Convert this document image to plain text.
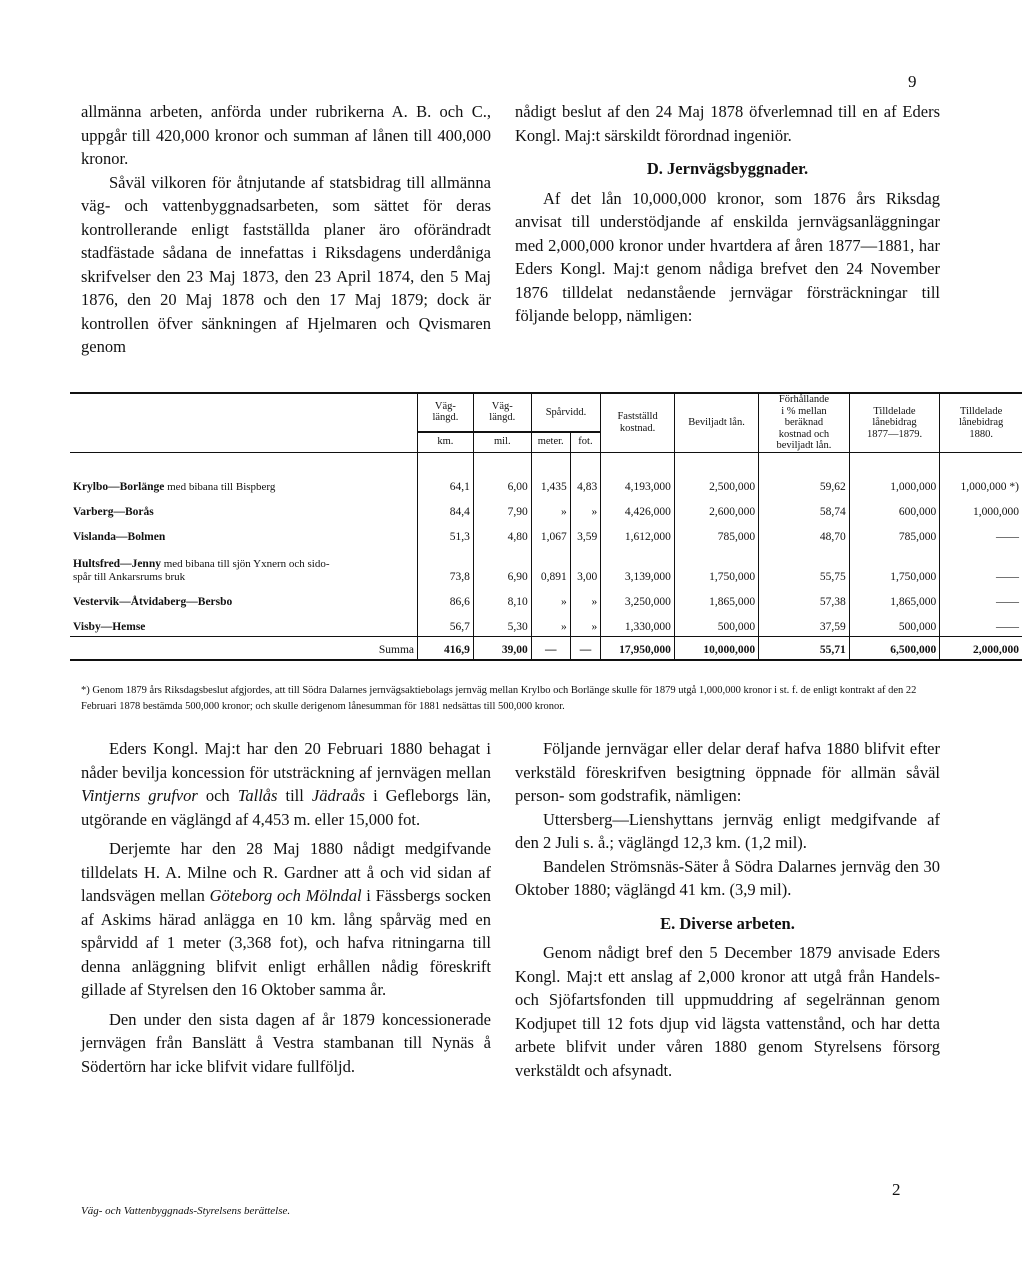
9

allmänna arbeten, anförda under rubrikerna A. B. och C., uppgår till 420,000 kronor och summan af lånen till 400,000 kronor.

Såväl vilkoren för åtnjutande af statsbidrag till allmänna väg- och vattenbyggnadsarbeten, som sättet för deras kontrollerande enligt fastställda planer äro oförändradt stadfästade sådana de innefattas i Riksdagens underdåniga skrifvelser den 23 Maj 1873, den 23 April 1874, den 5 Maj 1876, den 20 Maj 1878 och den 17 Maj 1879; dock är kontrollen öfver sänkningen af Hjelmaren och Qvismaren genom

nådigt beslut af den 24 Maj 1878 öfverlemnad till en af Eders Kongl. Maj:t särskildt förordnad ingeniör.

D. Jernvägsbyggnader.

Af det lån 10,000,000 kronor, som 1876 års Riksdag anvisat till understödjande af enskilda jernvägsanläggningar med 2,000,000 kronor under hvartdera af åren 1877—1881, har Eders Kongl. Maj:t genom nådiga brefvet den 24 November 1876 tilldelat nedanstående jernvägar försträckningar till följande belopp, nämligen:

	Väg-
längd.	Väg-
längd.	Spårvidd.		Fastställd
kostnad.	Beviljadt lån.	Förhållande
i % mellan
beräknad
kostnad och
beviljadt lån.	Tilldelade
lånebidrag
1877—1879.	Tilldelade
lånebidrag
1880.
	km.	mil.	meter.	fot.					
Krylbo—Borlänge med bibana till Bispberg	64,1	6,00	1,435	4,83	4,193,000	2,500,000	59,62	1,000,000	1,000,000 *)
Varberg—Borås	84,4	7,90	»	»	4,426,000	2,600,000	58,74	600,000	1,000,000
Vislanda—Bolmen	51,3	4,80	1,067	3,59	1,612,000	785,000	48,70	785,000	——
Hultsfred—Jenny med bibana till sjön Yxnern och sido-
spår till Ankarsrums bruk	73,8	6,90	0,891	3,00	3,139,000	1,750,000	55,75	1,750,000	——
Vestervik—Åtvidaberg—Bersbo	86,6	8,10	»	»	3,250,000	1,865,000	57,38	1,865,000	——
Visby—Hemse	56,7	5,30	»	»	1,330,000	500,000	37,59	500,000	——
Summa	416,9	39,00	—	—	17,950,000	10,000,000	55,71	6,500,000	2,000,000
*) Genom 1879 års Riksdagsbeslut afgjordes, att till Södra Dalarnes jernvägsaktiebolags jernväg mellan Krylbo och Borlänge skulle för 1879 utgå 1,000,000 kronor i st. f. de enligt kontrakt af den 22 Februari 1878 bestämda 500,000 kronor; och skulle derigenom lånesumman för 1881 nedsättas till 500,000 kronor.

Eders Kongl. Maj:t har den 20 Februari 1880 behagat i nåder bevilja koncession för utsträckning af jernvägen mellan Vintjerns grufvor och Tallås till Jädraås i Gefleborgs län, utgörande en väglängd af 4,453 m. eller 15,000 fot.

Derjemte har den 28 Maj 1880 nådigt medgifvande tilldelats H. A. Milne och R. Gardner att å och vid sidan af landsvägen mellan Göteborg och Mölndal i Fässbergs socken af Askims härad anlägga en 10 km. lång spårväg med en spårvidd af 1 meter (3,368 fot), och hafva ritningarna till denna anläggning blifvit enligt erhållen nådig föreskrift gillade af Styrelsen den 16 Oktober samma år.

Den under den sista dagen af år 1879 koncessionerade jernvägen från Banslätt å Vestra stambanan till Nynäs å Södertörn har icke blifvit vidare fullföljd.

Följande jernvägar eller delar deraf hafva 1880 blifvit efter verkstäld föreskrifven besigtning öppnade för allmän såväl person- som godstrafik, nämligen:

Uttersberg—Lienshyttans jernväg enligt medgifvande af den 2 Juli s. å.; väglängd 12,3 km. (1,2 mil).

Bandelen Strömsnäs-Säter å Södra Dalarnes jernväg den 30 Oktober 1880; väglängd 41 km. (3,9 mil).

E. Diverse arbeten.

Genom nådigt bref den 5 December 1879 anvisade Eders Kongl. Maj:t ett anslag af 2,000 kronor att utgå från Handels- och Sjöfartsfonden till uppmuddring af segelrännan genom Kodjupet till 12 fots djup vid lägsta vattenstånd, och har detta arbete blifvit under våren 1880 genom Styrelsens försorg verkstäldt och afsynadt.

Väg- och Vattenbyggnads-Styrelsens berättelse.
2
